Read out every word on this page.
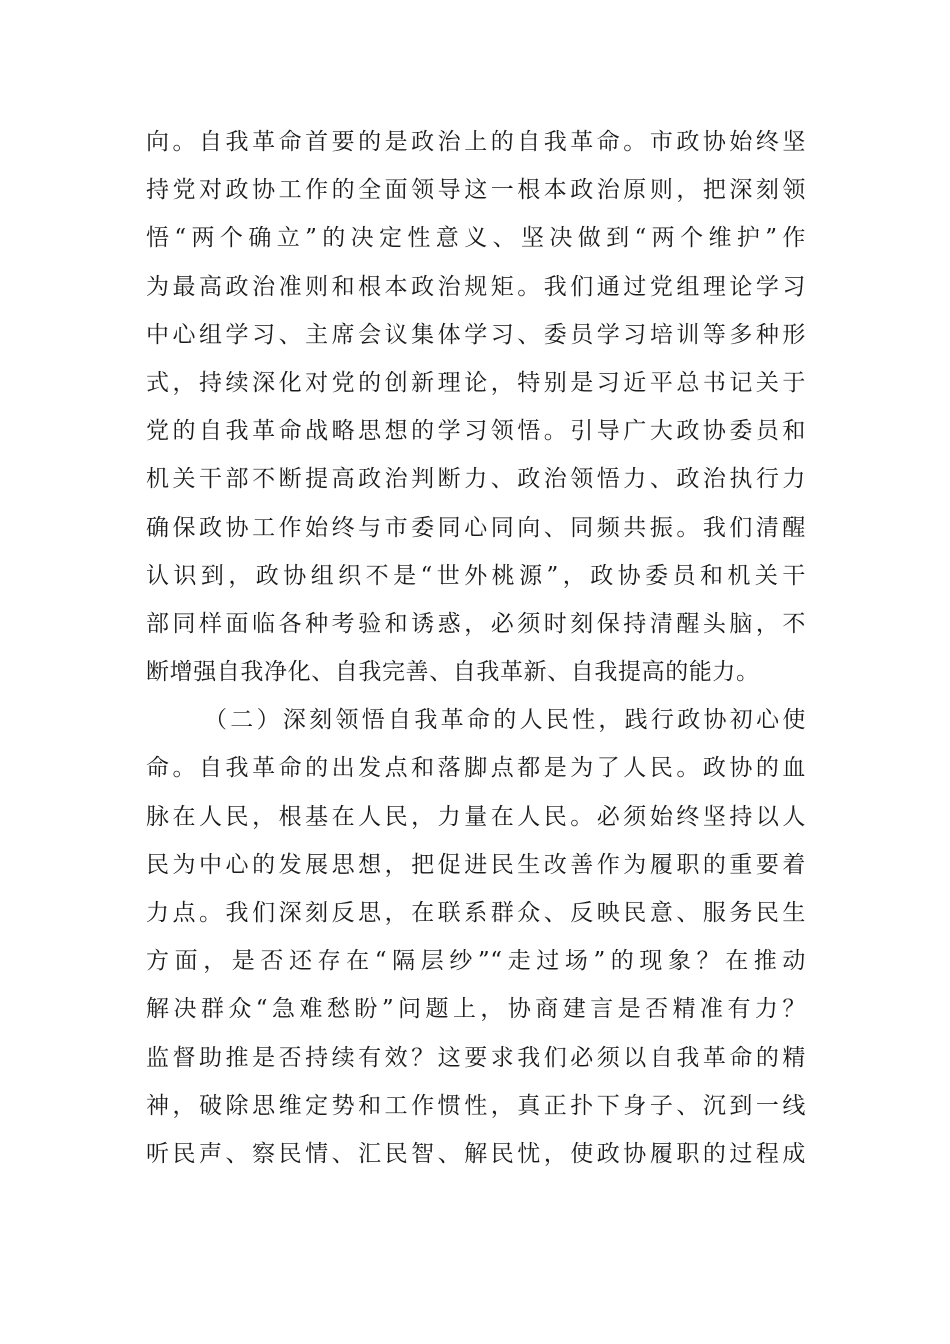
向。自我革命首要的是政治上的自我革命。市政协始终坚
持党对政协工作的全面领导这一根本政治原则，把深刻领
悟“两个确立”的决定性意义、坚决做到“两个维护”作
为最高政治准则和根本政治规矩。我们通过党组理论学习
中心组学习、主席会议集体学习、委员学习培训等多种形
式，持续深化对党的创新理论，特别是习近平总书记关于
党的自我革命战略思想的学习领悟。引导广大政协委员和
机关干部不断提高政治判断力、政治领悟力、政治执行力
确保政协工作始终与市委同心同向、同频共振。我们清醒
认识到，政协组织不是“世外桃源”，政协委员和机关干
部同样面临各种考验和诱惑，必须时刻保持清醒头脑，不
断增强自我净化、自我完善、自我革新、自我提高的能力。
（二）深刻领悟自我革命的人民性，践行政协初心使
命。自我革命的出发点和落脚点都是为了人民。政协的血
脉在人民，根基在人民，力量在人民。必须始终坚持以人
民为中心的发展思想，把促进民生改善作为履职的重要着
力点。我们深刻反思，在联系群众、反映民意、服务民生
方面，是否还存在“隔层纱”“走过场”的现象？在推动
解决群众“急难愁盼”问题上，协商建言是否精准有力？
监督助推是否持续有效？这要求我们必须以自我革命的精
神，破除思维定势和工作惯性，真正扑下身子、沉到一线
听民声、察民情、汇民智、解民忧，使政协履职的过程成
